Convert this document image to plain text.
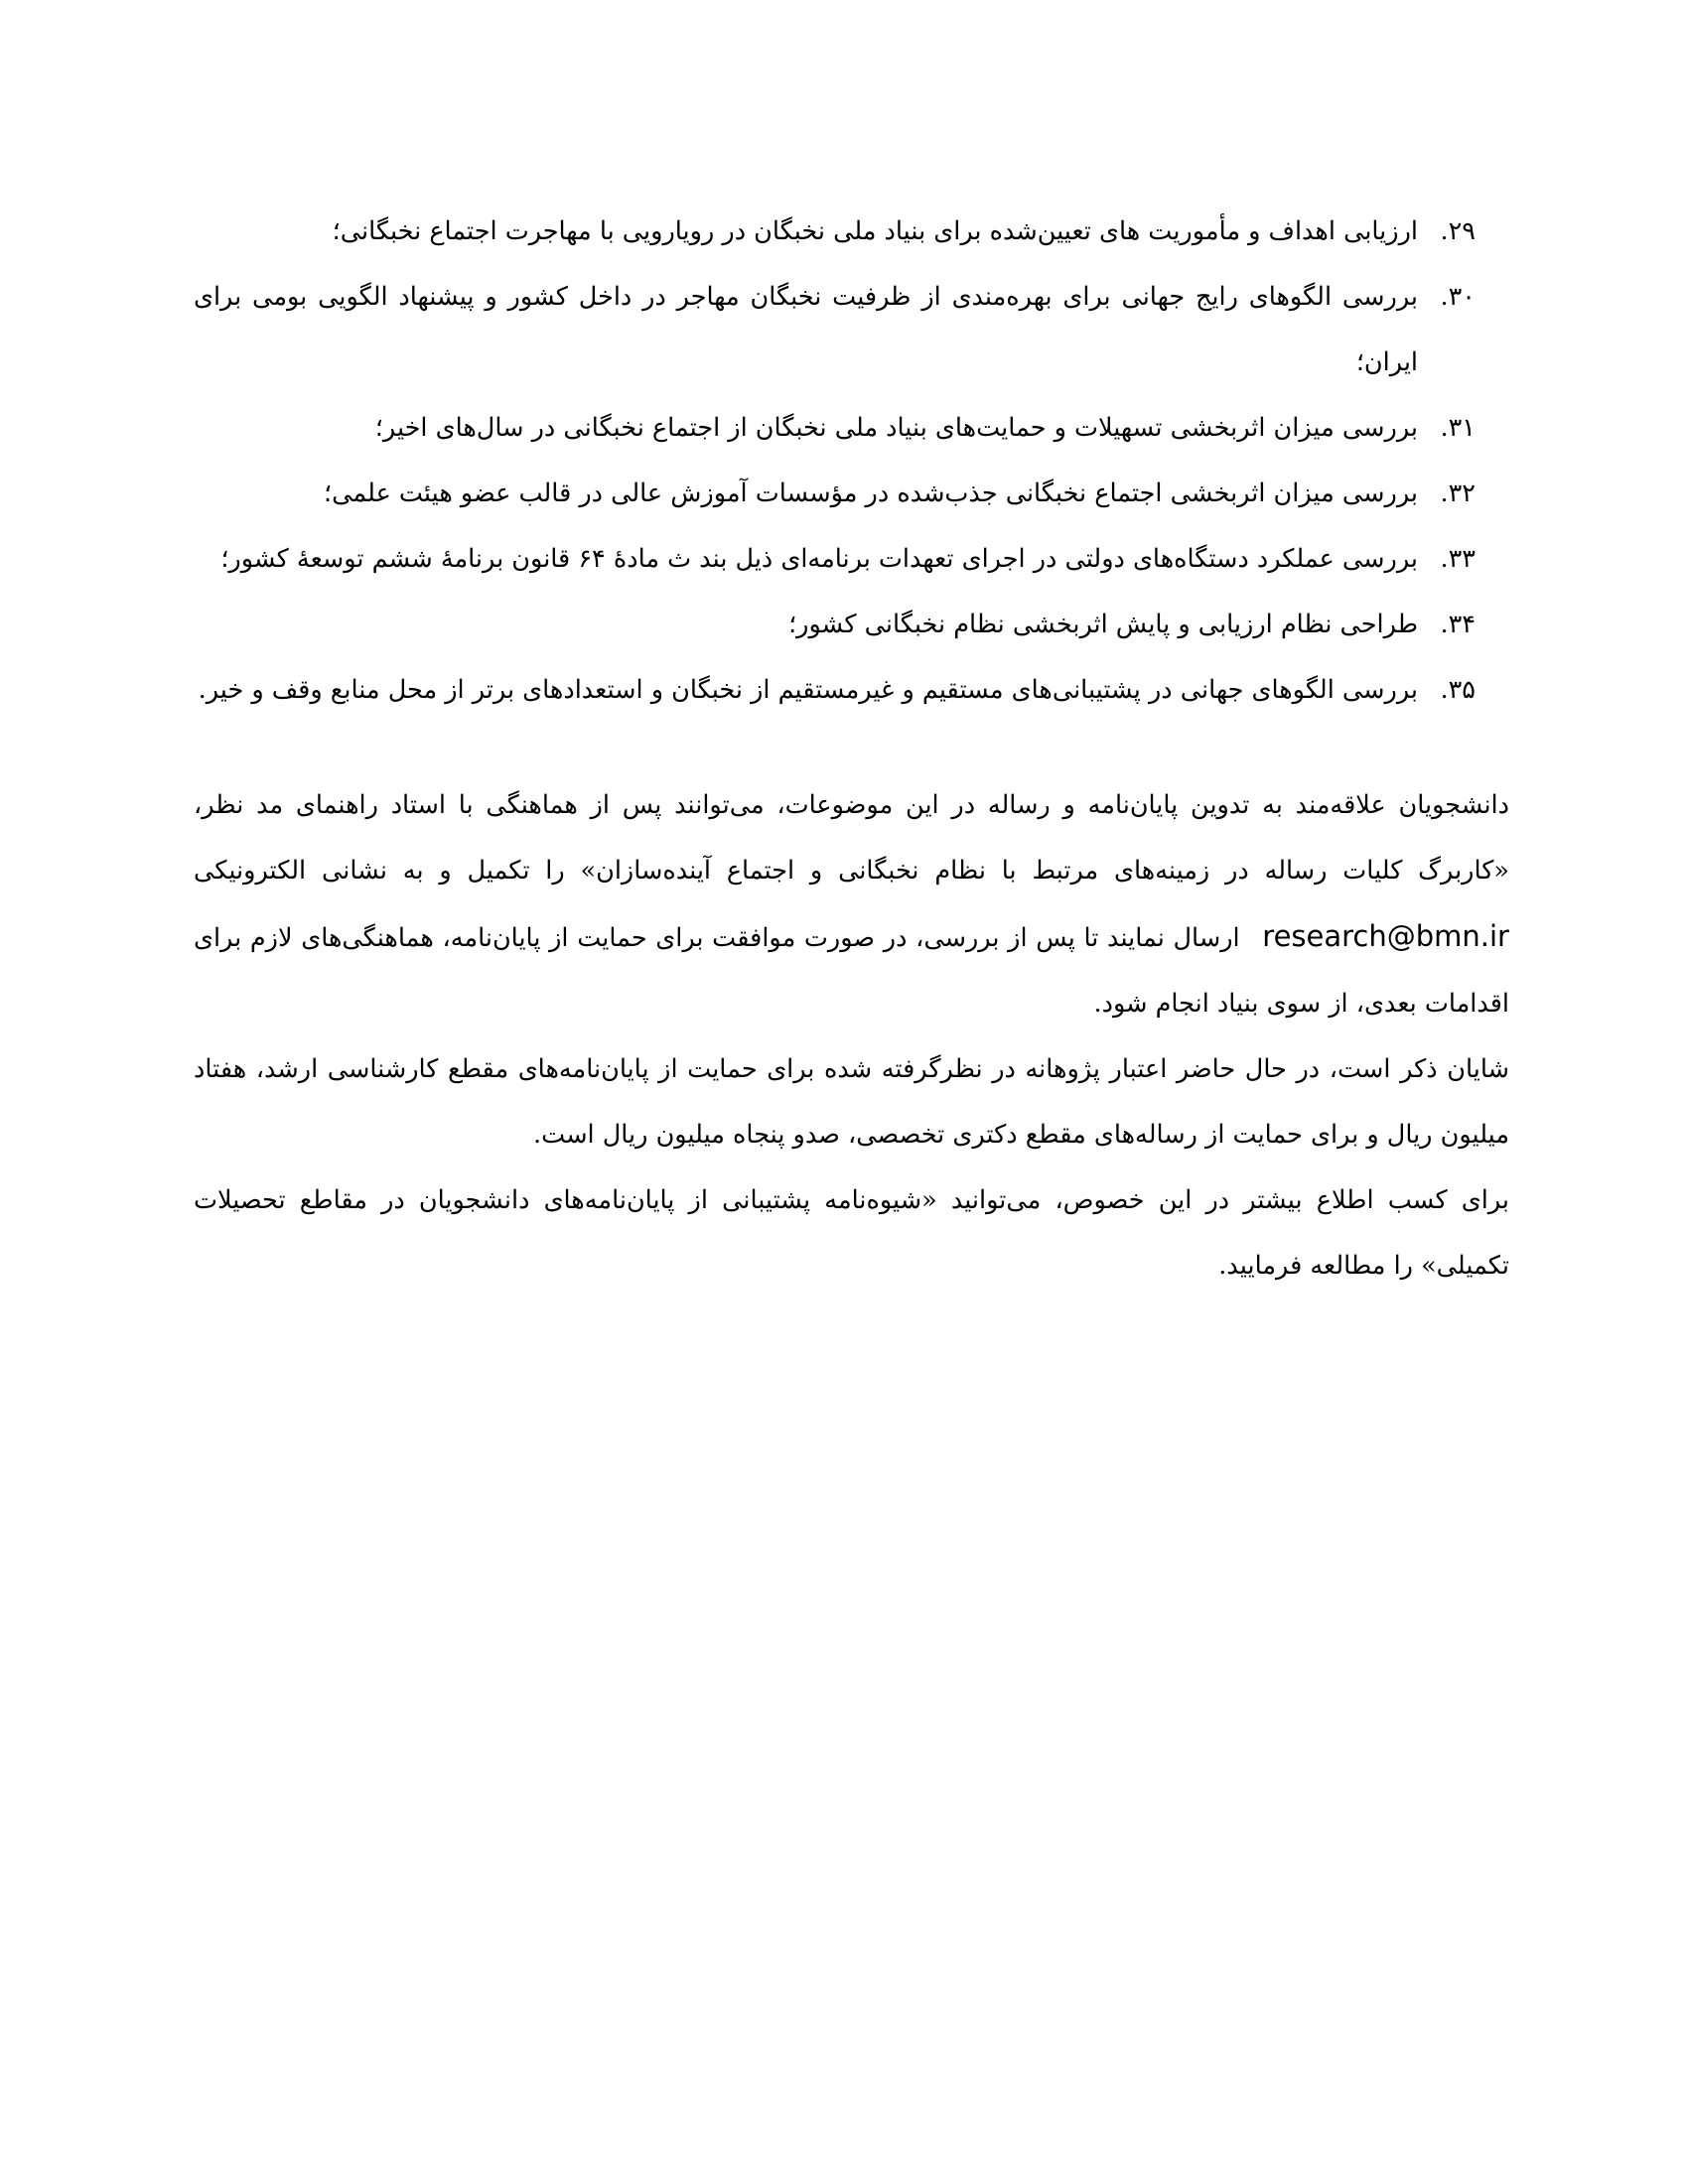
۲۹.
ارزیابی اهداف و مأموریت های تعیین‌شده برای بنیاد ملی نخبگان در رویارویی با مهاجرت اجتماع نخبگانی؛
۳۰.
بررسی الگوهای رایج جهانی برای بهره‌مندی از ظرفیت نخبگان مهاجر در داخل کشور و پیشنهاد الگویی بومی برای ایران؛
۳۱.
بررسی میزان اثربخشی تسهیلات و حمایت‌های بنیاد ملی نخبگان از اجتماع نخبگانی در سال‌های اخیر؛
۳۲.
بررسی میزان اثربخشی اجتماع نخبگانی جذب‌شده در مؤسسات آموزش عالی در قالب عضو هیئت علمی؛
۳۳.
بررسی عملکرد دستگاه‌های دولتی در اجرای تعهدات برنامه‌ای ذیل بند ث مادهٔ ۶۴ قانون برنامهٔ ششم توسعهٔ کشور؛
۳۴.
طراحی نظام ارزیابی و پایش اثربخشی نظام نخبگانی کشور؛
۳۵.
بررسی الگوهای جهانی در پشتیبانی‌های مستقیم و غیرمستقیم از نخبگان و استعدادهای برتر از محل منابع وقف و خیر.

دانشجویان علاقه‌مند به تدوین پایان‌نامه و رساله در این موضوعات، می‌توانند پس از هماهنگی با استاد راهنمای مد نظر، «کاربرگ کلیات رساله در زمینه‌های مرتبط با نظام نخبگانی و اجتماع آینده‌سازان» را تکمیل و به نشانی الکترونیکی research@bmn.ir ارسال نمایند تا پس از بررسی، در صورت موافقت برای حمایت از پایان‌نامه، هماهنگی‌های لازم برای اقدامات بعدی، از سوی بنیاد انجام شود.

شایان ذکر است، در حال حاضر اعتبار پژوهانه در نظرگرفته شده برای حمایت از پایان‌نامه‌های مقطع کارشناسی ارشد، هفتاد میلیون ریال و برای حمایت از رساله‌های مقطع دکتری تخصصی، صدو پنجاه میلیون ریال است.

برای کسب اطلاع بیشتر در این خصوص، می‌توانید «شیوه‌نامه پشتیبانی از پایان‌نامه‌های دانشجویان در مقاطع تحصیلات تکمیلی» را مطالعه فرمایید.
